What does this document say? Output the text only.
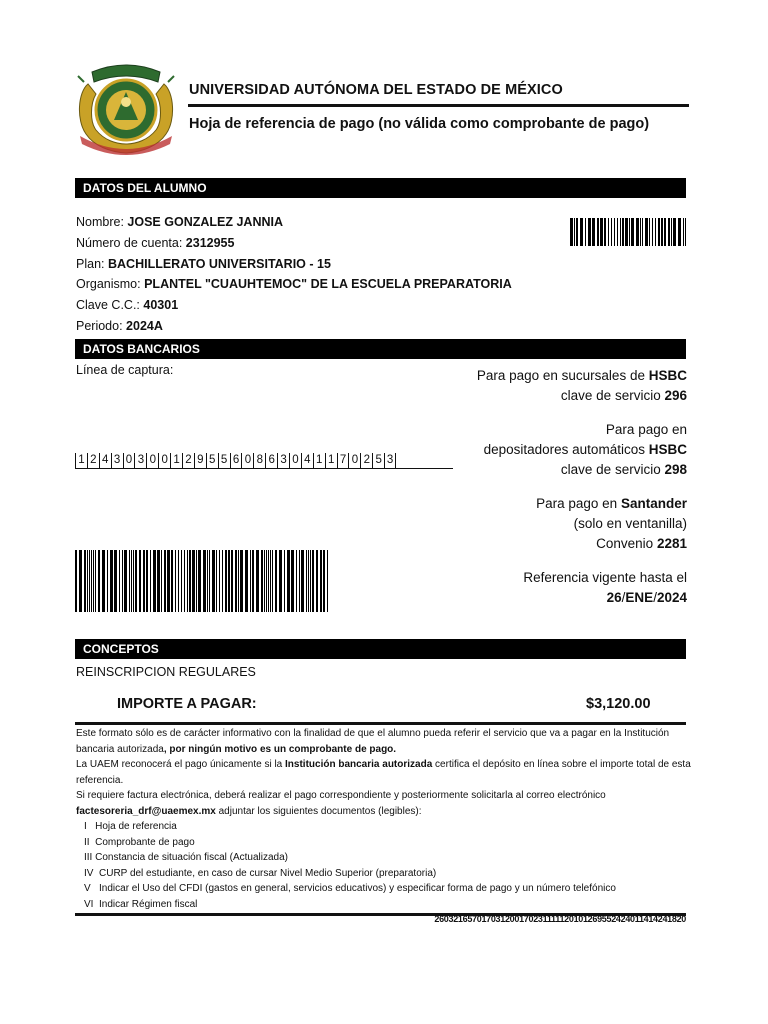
UNIVERSIDAD AUTÓNOMA DEL ESTADO DE MÉXICO
Hoja de referencia de pago (no válida como comprobante de pago)
DATOS DEL ALUMNO
Nombre: JOSE GONZALEZ JANNIA
Número de cuenta: 2312955
Plan: BACHILLERATO UNIVERSITARIO - 15
Organismo: PLANTEL "CUAUHTEMOC" DE LA ESCUELA PREPARATORIA
Clave C.C.: 40301
Periodo: 2024A
DATOS BANCARIOS
Línea de captura:
1 2 4 3 0 3 0 0 1 2 9 5 5 6 0 8 6 3 0 4 1 1 7 0 2 5 3
Para pago en sucursales de HSBC
clave de servicio 296
Para pago en
depositadores automáticos HSBC
clave de servicio 298
Para pago en Santander
(solo en ventanilla)
Convenio 2281
Referencia vigente hasta el
26/ENE/2024
CONCEPTOS
REINSCRIPCION REGULARES
IMPORTE A PAGAR:	$3,120.00
Este formato sólo es de carácter informativo con la finalidad de que el alumno pueda referir el servicio que va a pagar en la Institución bancaria autorizada, por ningún motivo es un comprobante de pago.
La UAEM reconocerá el pago únicamente si la Institución bancaria autorizada certifica el depósito en línea sobre el importe total de esta referencia.
Si requiere factura electrónica, deberá realizar el pago correspondiente y posteriormente solicitarla al correo electrónico
factesoreria_drf@uaemex.mx adjuntar los siguientes documentos (legibles):
I   Hoja de referencia
II  Comprobante de pago
III Constancia de situación fiscal (Actualizada)
IV  CURP del estudiante, en caso de cursar Nivel Medio Superior (preparatoria)
V   Indicar el Uso del CFDI (gastos en general, servicios educativos) y especificar forma de pago y un número telefónico
VI  Indicar Régimen fiscal
2603216570170312001702311111201012695524240114142418​20
